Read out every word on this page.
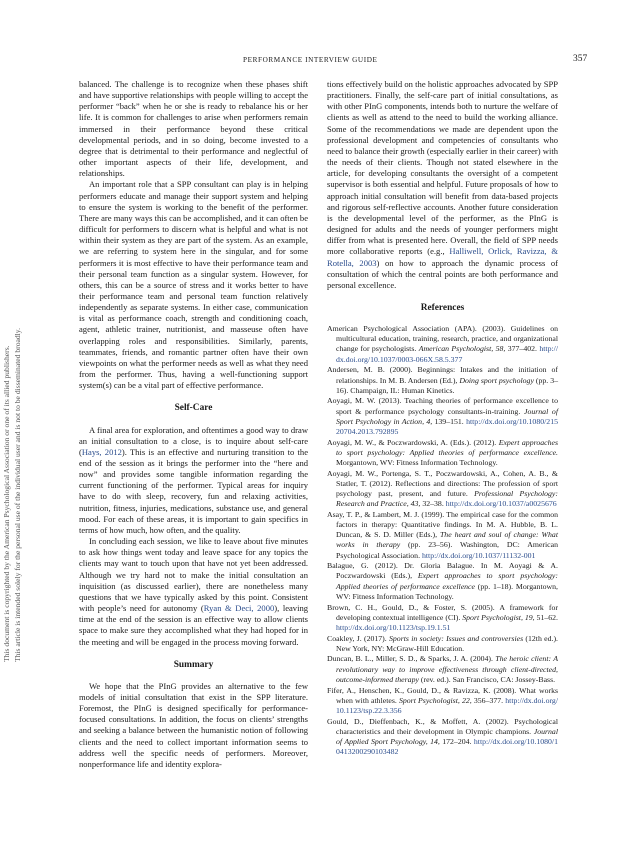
PERFORMANCE INTERVIEW GUIDE	357
This document is copyrighted by the American Psychological Association or one of its allied publishers. This article is intended solely for the personal use of the individual user and is not to be disseminated broadly.

balanced. The challenge is to recognize when these phases shift and have supportive relationships with people willing to accept the performer “back” when he or she is ready to rebalance his or her life. It is common for challenges to arise when performers remain immersed in their performance beyond these critical developmental periods, and in so doing, become invested to a degree that is detrimental to their performance and neglectful of other important aspects of their life, development, and relationships.

An important role that a SPP consultant can play is in helping performers educate and manage their support system and helping to ensure the system is working to the benefit of the performer. There are many ways this can be accomplished, and it can often be difficult for performers to discern what is helpful and what is not within their system as they are part of the system. As an example, we are referring to system here in the singular, and for some performers it is most effective to have their performance team and their personal team function as a singular system. However, for others, this can be a source of stress and it works better to have their performance team and personal team function relatively independently as separate systems. In either case, communication is vital as performance coach, strength and conditioning coach, agent, athletic trainer, nutritionist, and masseuse often have overlapping roles and responsibilities. Similarly, parents, teammates, friends, and romantic partner often have their own viewpoints on what the performer needs as well as what they need from the performer. Thus, having a well-functioning support system(s) can be a vital part of effective performance.

Self-Care

A final area for exploration, and oftentimes a good way to draw an initial consultation to a close, is to inquire about self-care (Hays, 2012). This is an effective and nurturing transition to the end of the session as it brings the performer into the “here and now” and provides some tangible information regarding the current functioning of the performer. Typical areas for inquiry have to do with sleep, recovery, fun and relaxing activities, nutrition, fitness, injuries, medications, substance use, and general mood. For each of these areas, it is important to gain specifics in terms of how much, how often, and the quality.

In concluding each session, we like to leave about five minutes to ask how things went today and leave space for any topics the clients may want to touch upon that have not yet been addressed. Although we try hard not to make the initial consultation an inquisition (as discussed earlier), there are nonetheless many questions that we have typically asked by this point. Consistent with people’s need for autonomy (Ryan & Deci, 2000), leaving time at the end of the session is an effective way to allow clients space to make sure they accomplished what they had hoped for in the meeting and will be engaged in the process moving forward.

Summary

We hope that the PInG provides an alternative to the few models of initial consultation that exist in the SPP literature. Foremost, the PInG is designed specifically for performance-focused consultations. In addition, the focus on clients’ strengths and seeking a balance between the humanistic notion of following clients and the need to collect important information seems to address well the specific needs of performers. Moreover, nonperformance life and identity explora-

tions effectively build on the holistic approaches advocated by SPP practitioners. Finally, the self-care part of initial consultations, as with other PInG components, intends both to nurture the welfare of clients as well as attend to the need to build the working alliance. Some of the recommendations we made are dependent upon the professional development and competencies of consultants who need to balance their growth (especially earlier in their career) with the needs of their clients. Though not stated elsewhere in the article, for developing consultants the oversight of a competent supervisor is both essential and helpful. Future proposals of how to approach initial consultation will benefit from data-based projects and rigorous self-reflective accounts. Another future consideration is the developmental level of the performer, as the PInG is designed for adults and the needs of younger performers might differ from what is presented here. Overall, the field of SPP needs more collaborative reports (e.g., Halliwell, Orlick, Ravizza, & Rotella, 2003) on how to approach the dynamic process of consultation of which the central points are both performance and personal excellence.

References

American Psychological Association (APA). (2003). Guidelines on multicultural education, training, research, practice, and organizational change for psychologists. American Psychologist, 58, 377–402. http://dx.doi.org/10.1037/0003-066X.58.5.377

Andersen, M. B. (2000). Beginnings: Intakes and the initiation of relationships. In M. B. Andersen (Ed.), Doing sport psychology (pp. 3–16). Champaign, IL: Human Kinetics.

Aoyagi, M. W. (2013). Teaching theories of performance excellence to sport & performance psychology consultants-in-training. Journal of Sport Psychology in Action, 4, 139–151. http://dx.doi.org/10.1080/21520704.2013.792895

Aoyagi, M. W., & Poczwardowski, A. (Eds.). (2012). Expert approaches to sport psychology: Applied theories of performance excellence. Morgantown, WV: Fitness Information Technology.

Aoyagi, M. W., Portenga, S. T., Poczwardowski, A., Cohen, A. B., & Statler, T. (2012). Reflections and directions: The profession of sport psychology past, present, and future. Professional Psychology: Research and Practice, 43, 32–38. http://dx.doi.org/10.1037/a0025676

Asay, T. P., & Lambert, M. J. (1999). The empirical case for the common factors in therapy: Quantitative findings. In M. A. Hubble, B. L. Duncan, & S. D. Miller (Eds.), The heart and soul of change: What works in therapy (pp. 23–56). Washington, DC: American Psychological Association. http://dx.doi.org/10.1037/11132-001

Balague, G. (2012). Dr. Gloria Balague. In M. Aoyagi & A. Poczwardowski (Eds.), Expert approaches to sport psychology: Applied theories of performance excellence (pp. 1–18). Morgantown, WV: Fitness Information Technology.

Brown, C. H., Gould, D., & Foster, S. (2005). A framework for developing contextual intelligence (CI). Sport Psychologist, 19, 51–62. http://dx.doi.org/10.1123/tsp.19.1.51

Coakley, J. (2017). Sports in society: Issues and controversies (12th ed.). New York, NY: McGraw-Hill Education.

Duncan, B. L., Miller, S. D., & Sparks, J. A. (2004). The heroic client: A revolutionary way to improve effectiveness through client-directed, outcome-informed therapy (rev. ed.). San Francisco, CA: Jossey-Bass.

Fifer, A., Henschen, K., Gould, D., & Ravizza, K. (2008). What works when with athletes. Sport Psychologist, 22, 356–377. http://dx.doi.org/10.1123/tsp.22.3.356

Gould, D., Dieffenbach, K., & Moffett, A. (2002). Psychological characteristics and their development in Olympic champions. Journal of Applied Sport Psychology, 14, 172–204. http://dx.doi.org/10.1080/10413200290103482
